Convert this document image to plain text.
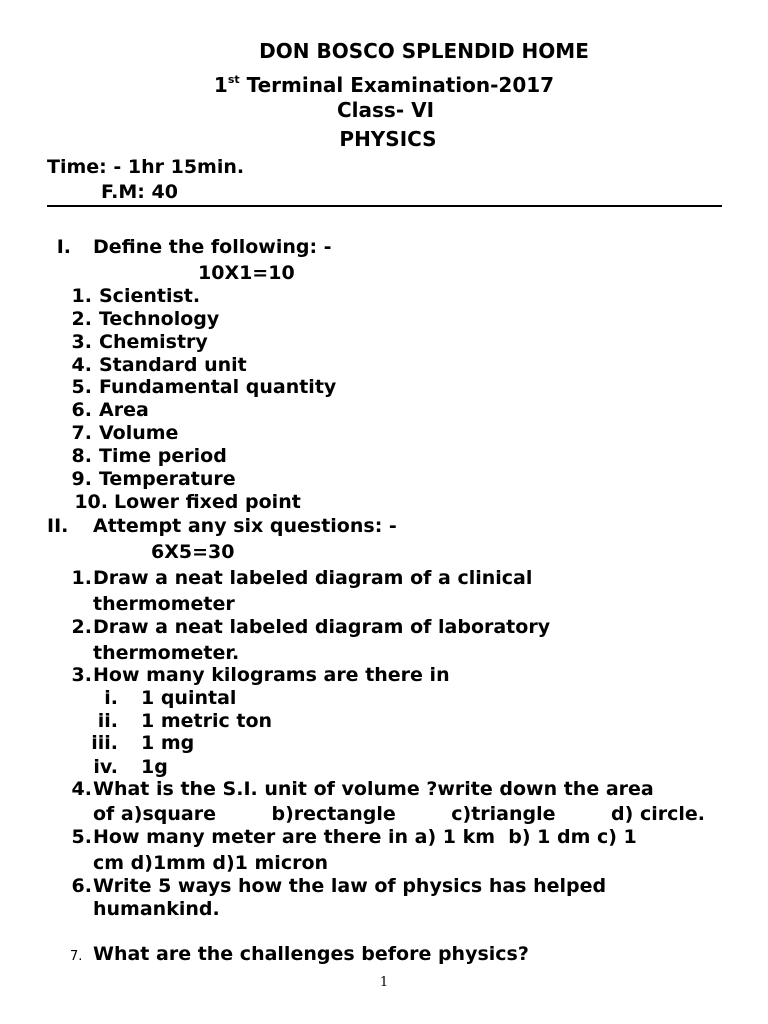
DON BOSCO SPLENDID HOME
1st Terminal Examination-2017
Class- VI
PHYSICS
Time: - 1hr 15min.
F.M: 40
I. Define the following: -
10X1=10
1. Scientist.
2. Technology
3. Chemistry
4. Standard unit
5. Fundamental quantity
6. Area
7. Volume
8. Time period
9. Temperature
10. Lower fixed point
II. Attempt any six questions: -
6X5=30
1. Draw a neat labeled diagram of a clinical
thermometer
2. Draw a neat labeled diagram of laboratory
thermometer.
3. How many kilograms are there in
i. 1 quintal
ii. 1 metric ton
iii. 1 mg
iv. 1g
4. What is the S.I. unit of volume ?write down the area
of a)square	b)rectangle	c)triangle	d) circle.
5. How many meter are there in a) 1 km  b) 1 dm c) 1
cm d)1mm d)1 micron
6. Write 5 ways how the law of physics has helped
humankind.
7. What are the challenges before physics?
1
